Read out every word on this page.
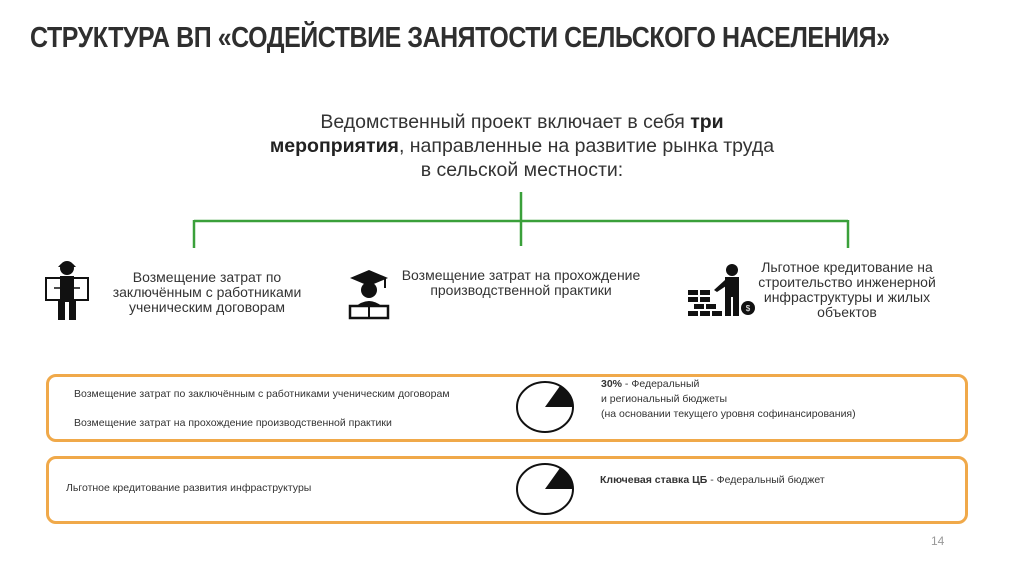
СТРУКТУРА ВП «СОДЕЙСТВИЕ ЗАНЯТОСТИ СЕЛЬСКОГО НАСЕЛЕНИЯ»
Ведомственный проект включает в себя три мероприятия, направленные на развитие рынка труда в сельской местности:
Возмещение затрат по заключённым с работниками ученическим договорам
Возмещение затрат на прохождение производственной практики
$
Льготное кредитование на строительство инженерной инфраструктуры и жилых объектов
Возмещение затрат по заключённым с работниками ученическим договорам
Возмещение затрат на прохождение производственной практики
30% - Федеральный
и региональный бюджеты
(на основании текущего уровня софинансирования)
Льготное кредитование развития инфраструктуры
Ключевая ставка ЦБ - Федеральный бюджет
14
